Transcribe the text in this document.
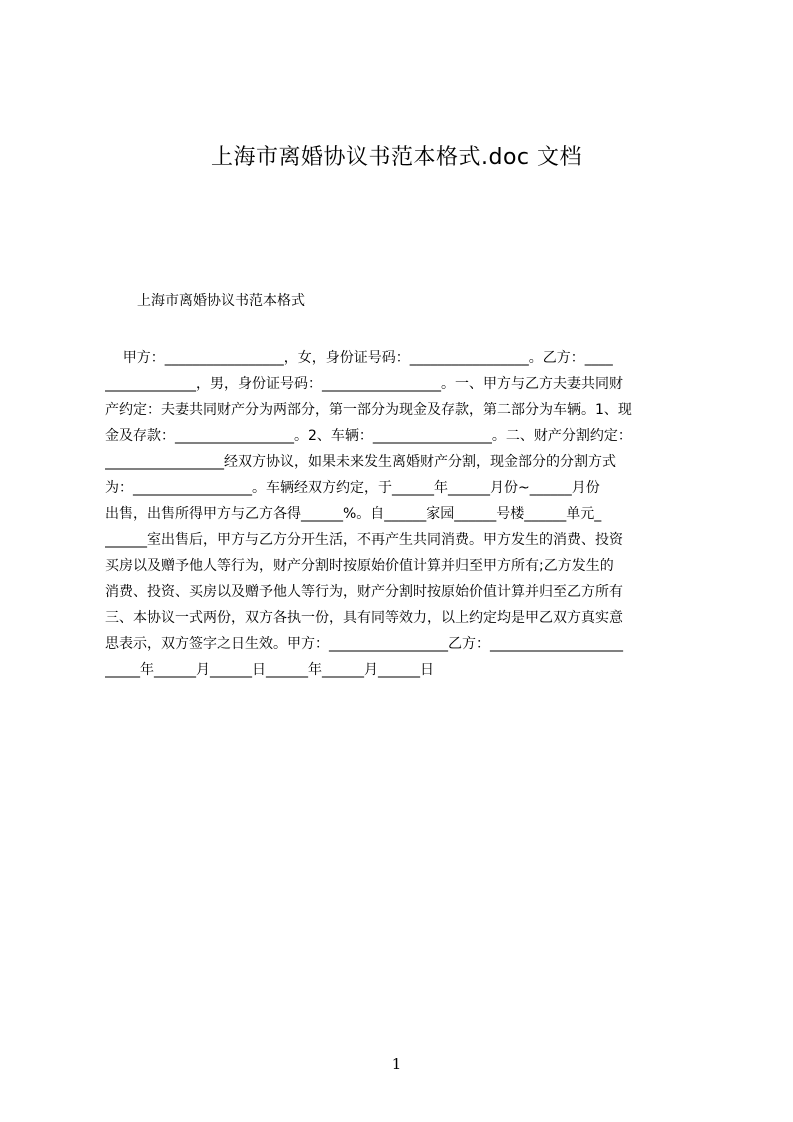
上海市离婚协议书范本格式.doc 文档
上海市离婚协议书范本格式
甲方：_________________，女，身份证号码：_________________。乙方：____
_____________，男，身份证号码：_________________。一、甲方与乙方夫妻共同财
产约定：夫妻共同财产分为两部分，第一部分为现金及存款，第二部分为车辆。1、现
金及存款：_________________。2、车辆：_________________。二、财产分割约定：
_________________经双方协议，如果未来发生离婚财产分割，现金部分的分割方式
为：_________________。车辆经双方约定，于______年______月份~______月份
出售，出售所得甲方与乙方各得______%。自______家园______号楼______单元_
______室出售后，甲方与乙方分开生活，不再产生共同消费。甲方发生的消费、投资
买房以及赠予他人等行为，财产分割时按原始价值计算并归至甲方所有;乙方发生的
消费、投资、买房以及赠予他人等行为，财产分割时按原始价值计算并归至乙方所有
三、本协议一式两份，双方各执一份，具有同等效力，以上约定均是甲乙双方真实意
思表示，双方签字之日生效。甲方：_________________乙方：___________________
_____年______月______日______年______月______日
1
